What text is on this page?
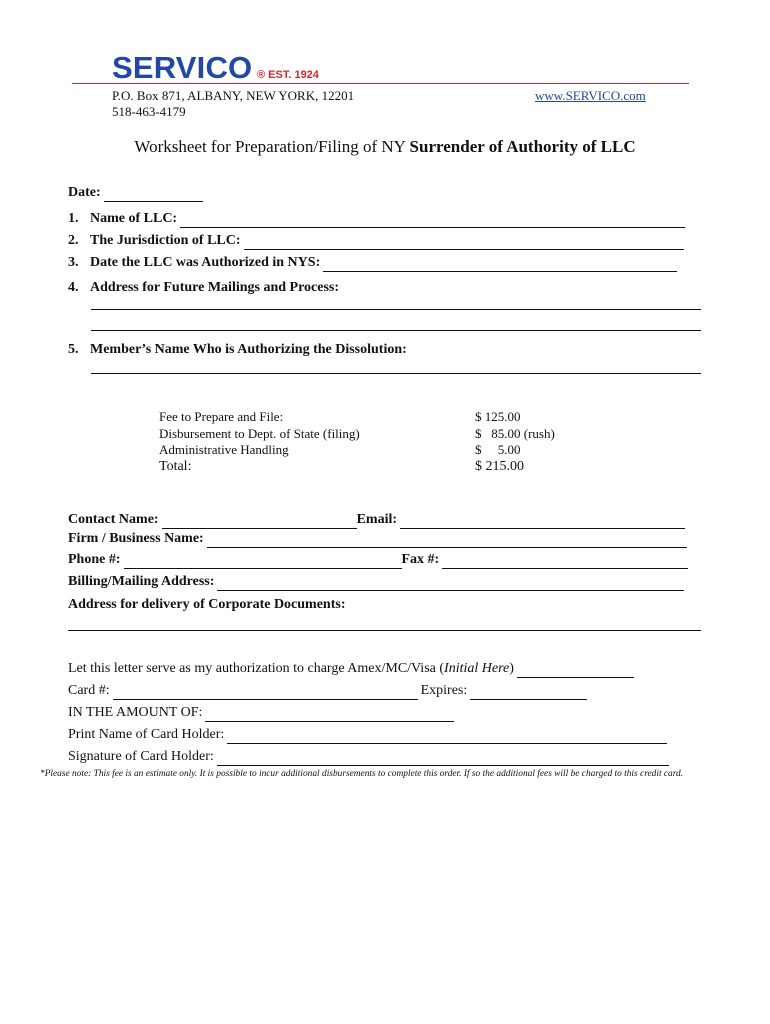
SERVICO ® EST. 1924
P.O. Box 871, ALBANY, NEW YORK, 12201
518-463-4179
www.SERVICO.com
Worksheet for Preparation/Filing of NY Surrender of Authority of LLC
Date:
1. Name of LLC:
2. The Jurisdiction of LLC:
3. Date the LLC was Authorized in NYS:
4. Address for Future Mailings and Process:
5. Member’s Name Who is Authorizing the Dissolution:
Fee to Prepare and File:	$ 125.00
Disbursement to Dept. of State (filing)	$   85.00 (rush)
Administrative Handling	$     5.00
Total:	$ 215.00
Contact Name:	Email:
Firm / Business Name:
Phone #:	Fax #:
Billing/Mailing Address:
Address for delivery of Corporate Documents:
Let this letter serve as my authorization to charge Amex/MC/Visa ( Initial Here )
Card #:	Expires:
IN THE AMOUNT OF:
Print Name of Card Holder:
Signature of Card Holder:
*Please note: This fee is an estimate only. It is possible to incur additional disbursements to complete this order. If so the additional fees will be charged to this credit card.
